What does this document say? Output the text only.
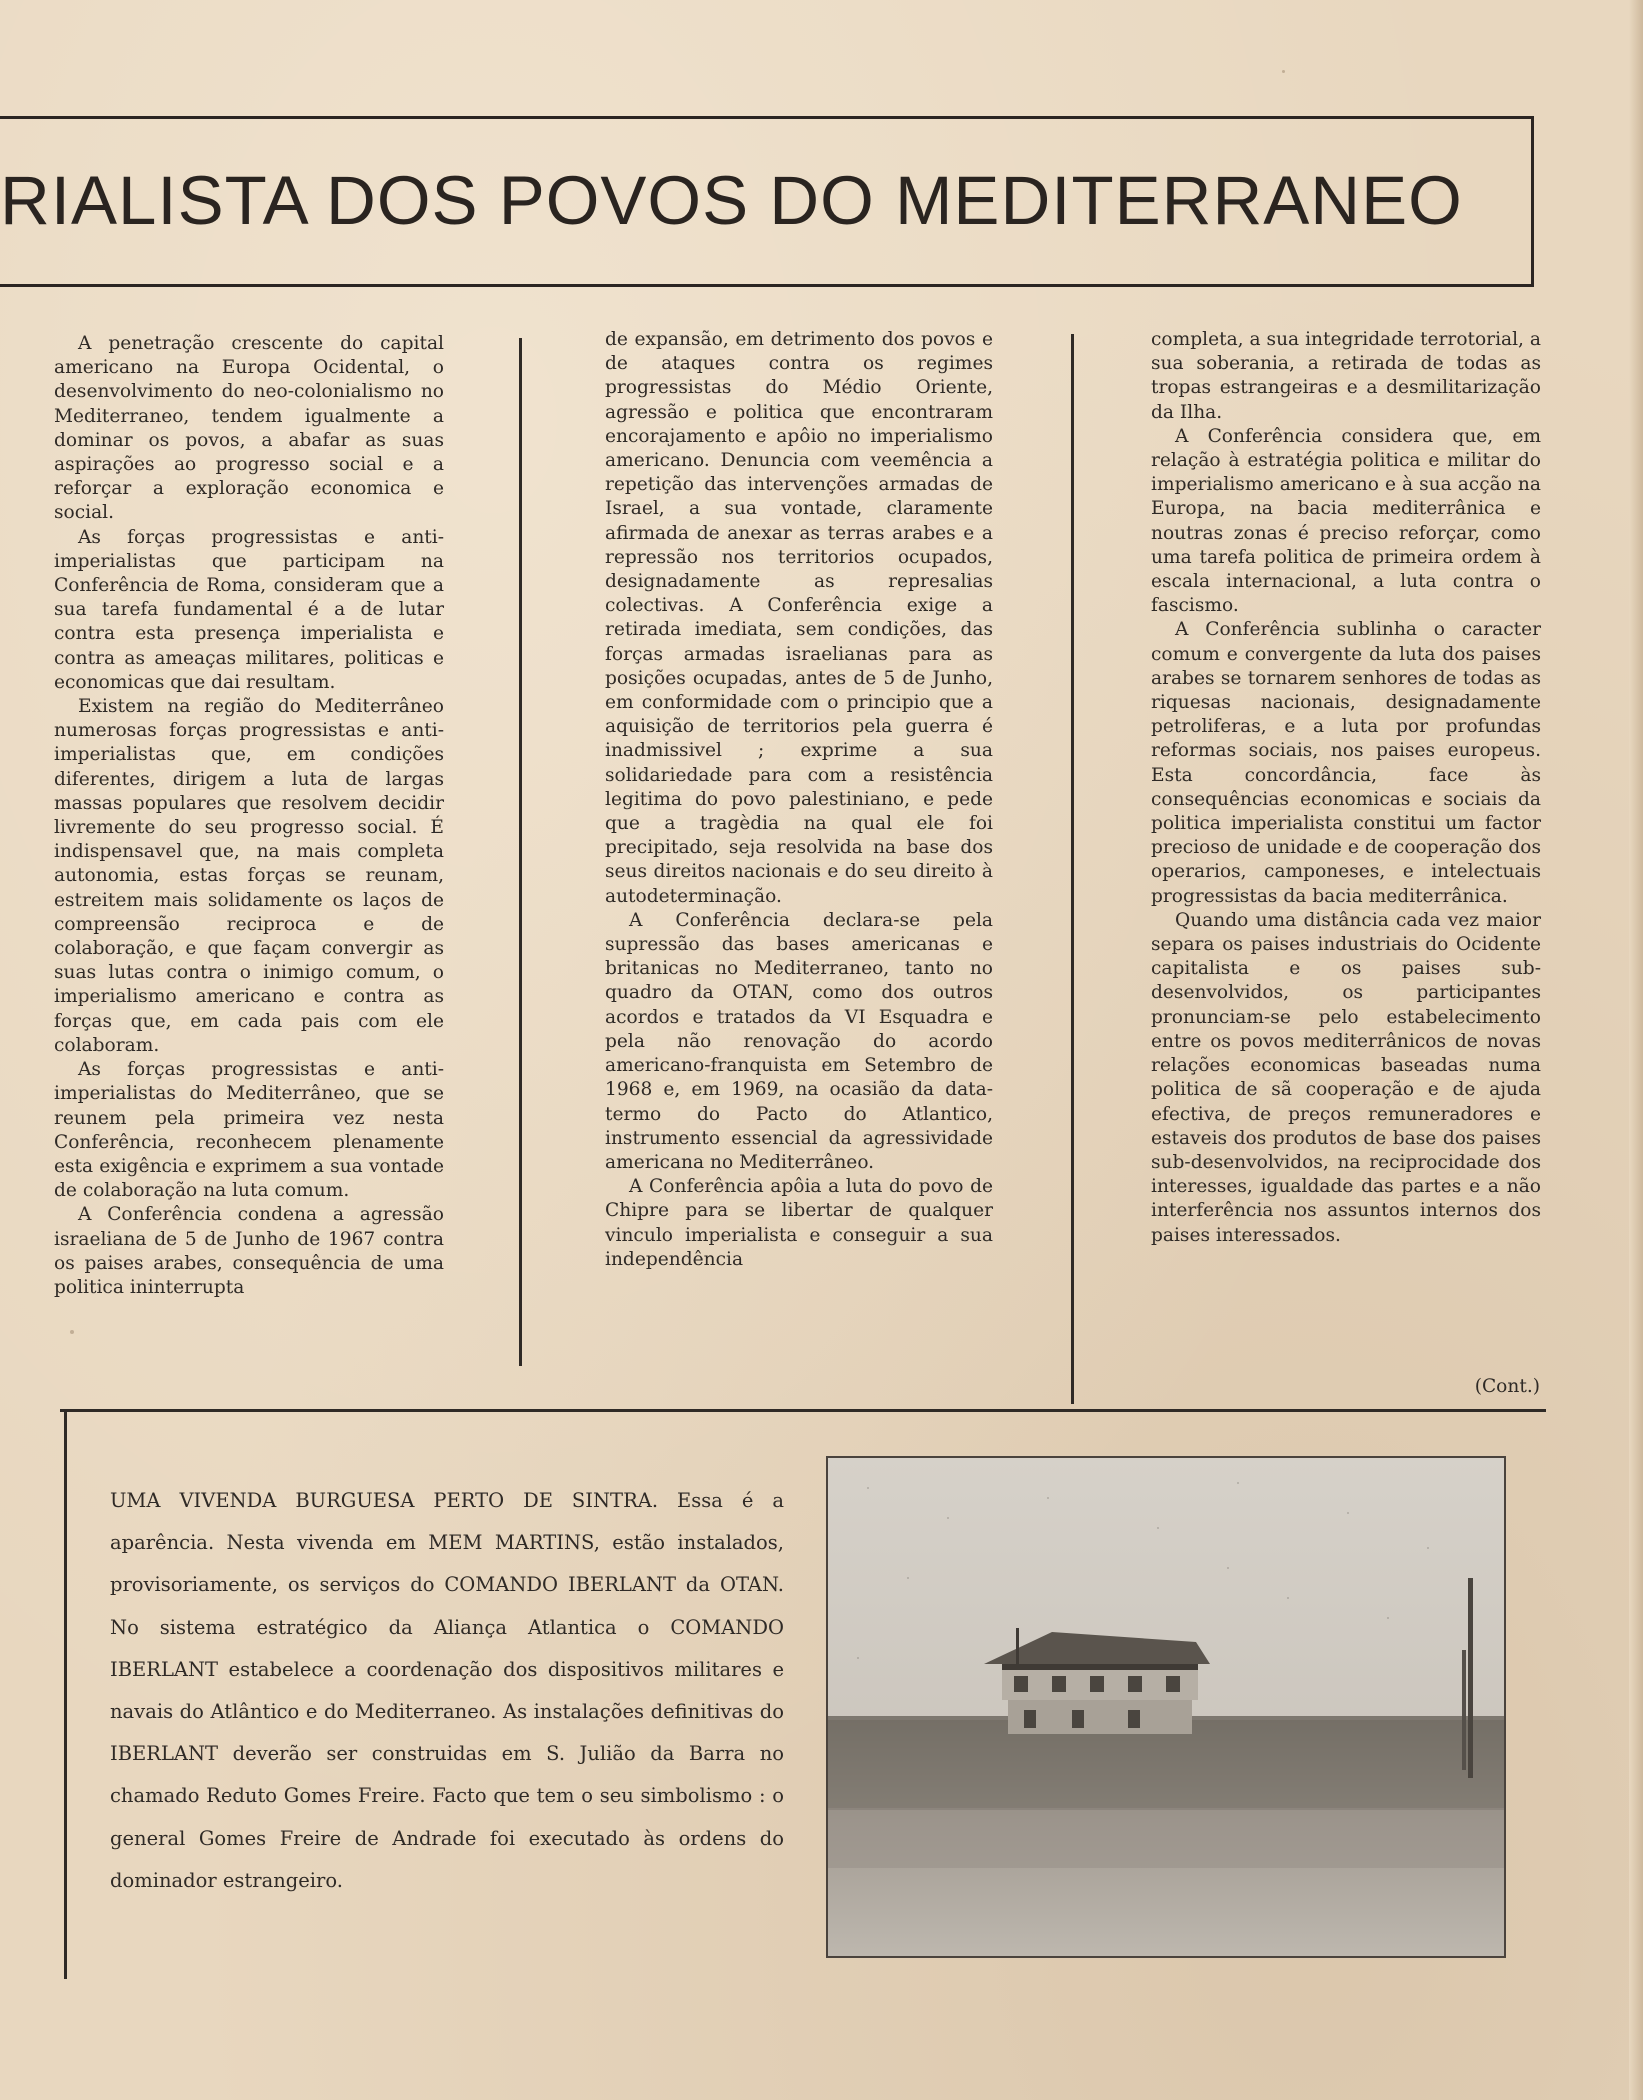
RIALISTA DOS POVOS DO MEDITERRANEO

A penetração crescente do capital americano na Europa Ocidental, o desenvolvimento do neo-colonialismo no Mediterraneo, tendem igualmente a dominar os povos, a abafar as suas aspirações ao progresso social e a reforçar a exploração economica e social.

As forças progressistas e anti-imperialistas que participam na Conferência de Roma, consideram que a sua tarefa fundamental é a de lutar contra esta presença imperialista e contra as ameaças militares, politicas e economicas que dai resultam.

Existem na região do Mediterrâneo numerosas forças progressistas e anti-imperialistas que, em condições diferentes, dirigem a luta de largas massas populares que resolvem decidir livremente do seu progresso social. É indispensavel que, na mais completa autonomia, estas forças se reunam, estreitem mais solidamente os laços de compreensão reciproca e de colaboração, e que façam convergir as suas lutas contra o inimigo comum, o imperialismo americano e contra as forças que, em cada pais com ele colaboram.

As forças progressistas e anti-imperialistas do Mediterrâneo, que se reunem pela primeira vez nesta Conferência, reconhecem plenamente esta exigência e exprimem a sua vontade de colaboração na luta comum.

A Conferência condena a agressão israeliana de 5 de Junho de 1967 contra os paises arabes, consequência de uma politica ininterrupta

de expansão, em detrimento dos povos e de ataques contra os regimes progressistas do Médio Oriente, agressão e politica que encontraram encorajamento e apôio no imperialismo americano. Denuncia com veemência a repetição das intervenções armadas de Israel, a sua vontade, claramente afirmada de anexar as terras arabes e a repressão nos territorios ocupados, designadamente as represalias colectivas. A Conferência exige a retirada imediata, sem condições, das forças armadas israelianas para as posições ocupadas, antes de 5 de Junho, em conformidade com o principio que a aquisição de territorios pela guerra é inadmissivel ; exprime a sua solidariedade para com a resistência legitima do povo palestiniano, e pede que a tragèdia na qual ele foi precipitado, seja resolvida na base dos seus direitos nacionais e do seu direito à autodeterminação.

A Conferência declara-se pela supressão das bases americanas e britanicas no Mediterraneo, tanto no quadro da OTAN, como dos outros acordos e tratados da VI Esquadra e pela não renovação do acordo americano-franquista em Setembro de 1968 e, em 1969, na ocasião da data-termo do Pacto do Atlantico, instrumento essencial da agressividade americana no Mediterrâneo.

A Conferência apôia a luta do povo de Chipre para se libertar de qualquer vinculo imperialista e conseguir a sua independência

completa, a sua integridade terrotorial, a sua soberania, a retirada de todas as tropas estrangeiras e a desmilitarização da Ilha.

A Conferência considera que, em relação à estratégia politica e militar do imperialismo americano e à sua acção na Europa, na bacia mediterrânica e noutras zonas é preciso reforçar, como uma tarefa politica de primeira ordem à escala internacional, a luta contra o fascismo.

A Conferência sublinha o caracter comum e convergente da luta dos paises arabes se tornarem senhores de todas as riquesas nacionais, designadamente petroliferas, e a luta por profundas reformas sociais, nos paises europeus. Esta concordância, face às consequências economicas e sociais da politica imperialista constitui um factor precioso de unidade e de cooperação dos operarios, camponeses, e intelectuais progressistas da bacia mediterrânica.

Quando uma distância cada vez maior separa os paises industriais do Ocidente capitalista e os paises sub-desenvolvidos, os participantes pronunciam-se pelo estabelecimento entre os povos mediterrânicos de novas relações economicas baseadas numa politica de sã cooperação e de ajuda efectiva, de preços remuneradores e estaveis dos produtos de base dos paises sub-desenvolvidos, na reciprocidade dos interesses, igualdade das partes e a não interferência nos assuntos internos dos paises interessados.

(Cont.)

UMA VIVENDA BURGUESA PERTO DE SINTRA. Essa é a aparência. Nesta vivenda em MEM MARTINS, estão instalados, provisoriamente, os serviços do COMANDO IBERLANT da OTAN. No sistema estratégico da Aliança Atlantica o COMANDO IBERLANT estabelece a coordenação dos dispositivos militares e navais do Atlântico e do Mediterraneo. As instalações definitivas do IBERLANT deverão ser construidas em S. Julião da Barra no chamado Reduto Gomes Freire. Facto que tem o seu simbolismo : o general Gomes Freire de Andrade foi executado às ordens do dominador estrangeiro.
